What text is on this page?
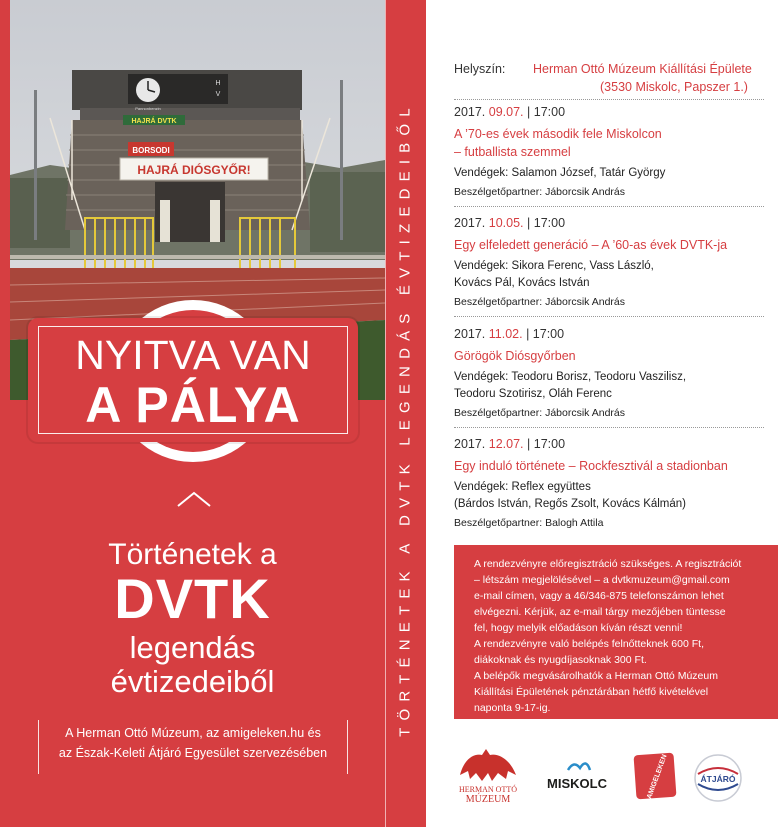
Pannonbenzin
H
V
HAJRÁ DVTK
BORSODI
HAJRÁ DIÓSGYŐR!
NYITVA VAN
A PÁLYA
Történetek a
DVTK
legendás
évtizedeiből
A Herman Ottó Múzeum, az amigeleken.hu és
az Észak-Keleti Átjáró Egyesület szervezésében
TÖRTÉNETEK A DVTK LEGENDÁS ÉVTIZEDEIBŐL
Helyszín: Herman Ottó Múzeum Kiállítási Épülete
(3530 Miskolc, Papszer 1.)
2017. 09.07. | 17:00
A ’70-es évek második fele Miskolcon
– futballista szemmel
Vendégek: Salamon József, Tatár György
Beszélgetőpartner: Jáborcsik András
2017. 10.05. | 17:00
Egy elfeledett generáció – A ’60-as évek DVTK-ja
Vendégek: Sikora Ferenc, Vass László,
Kovács Pál, Kovács István
Beszélgetőpartner: Jáborcsik András
2017. 11.02. | 17:00
Görögök Diósgyőrben
Vendégek: Teodoru Borisz, Teodoru Vaszilisz,
Teodoru Szotirisz, Oláh Ferenc
Beszélgetőpartner: Jáborcsik András
2017. 12.07. | 17:00
Egy induló története – Rockfesztivál a stadionban
Vendégek: Reflex együttes
(Bárdos István, Regős Zsolt, Kovács Kálmán)
Beszélgetőpartner: Balogh Attila

A rendezvényre előregisztráció szükséges. A regisztrációt

– létszám megjelölésével – a dvtkmuzeum@gmail.com

e-mail címen, vagy a 46/346-875 telefonszámon lehet

elvégezni. Kérjük, az e-mail tárgy mezőjében tüntesse

fel, hogy melyik előadáson kíván részt venni!

A rendezvényre való belépés felnőtteknek 600 Ft,

diákoknak és nyugdíjasoknak 300 Ft.

A belépők megvásárolhatók a Herman Ottó Múzeum

Kiállítási Épületének pénztárában hétfő kivételével

naponta 9-17-ig.

HERMAN OTTÓ
MÚZEUM
MISKOLC	AMIGELEKEN	ÁTJÁRÓ
